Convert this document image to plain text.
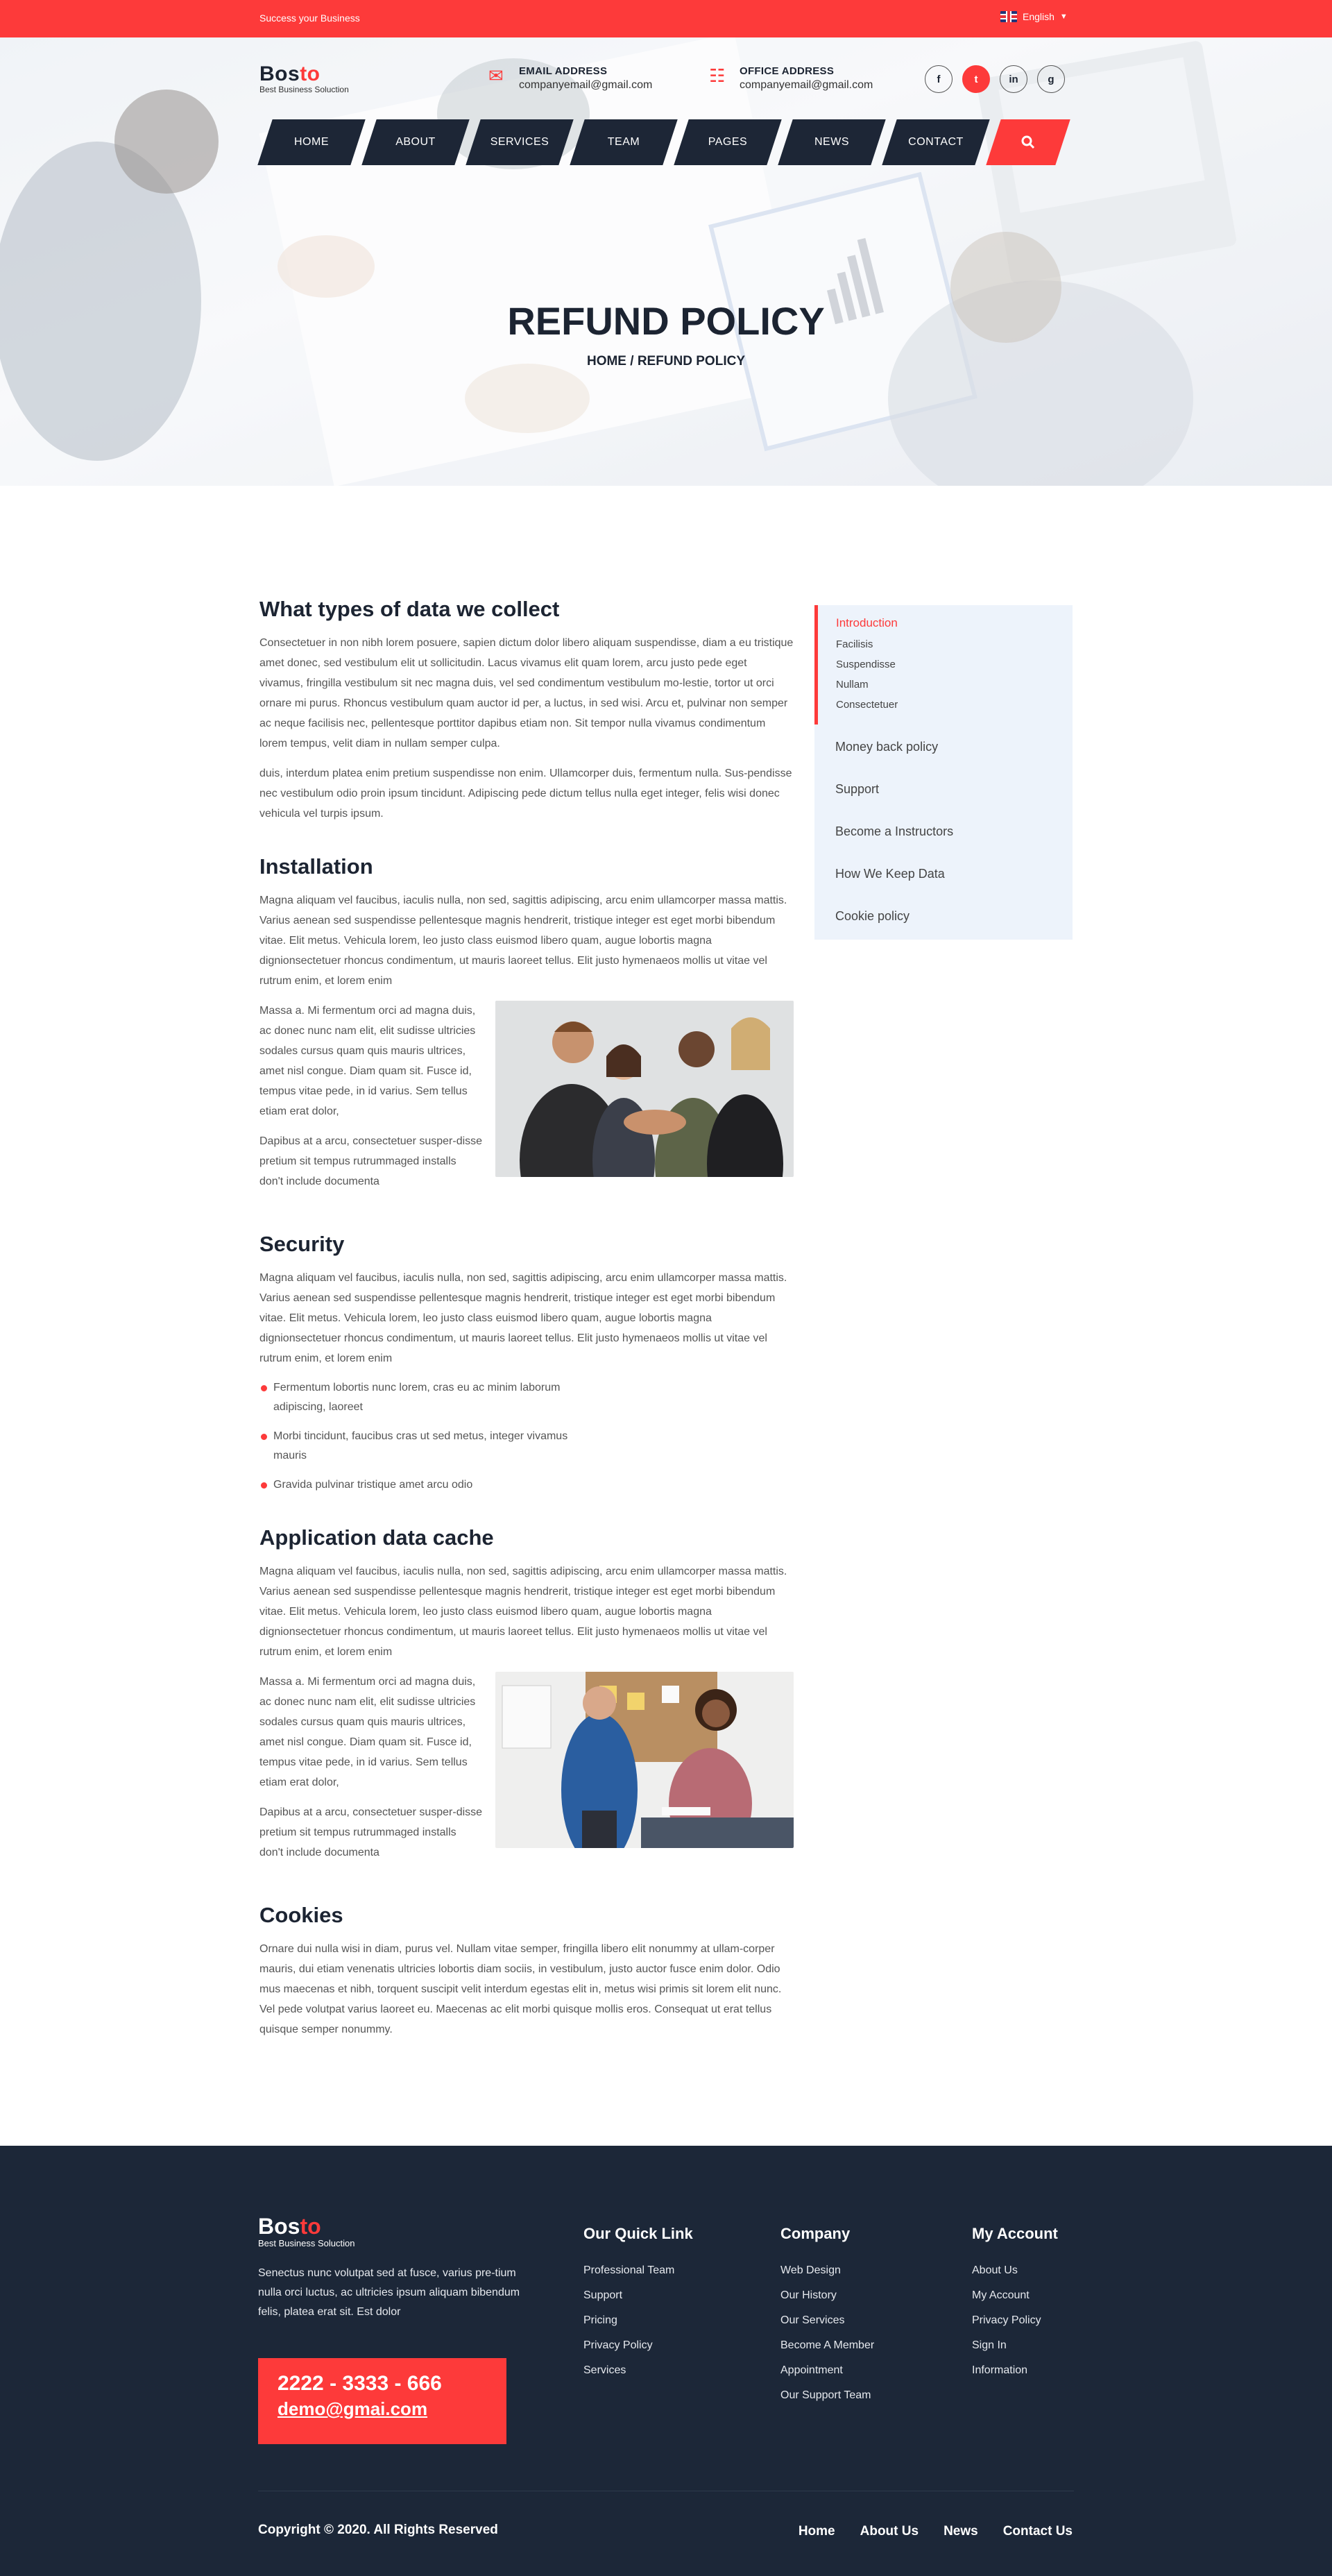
Success your Business	English ▼
Bosto
Best Business Soluction
✉	EMAIL ADDRESS
companyemail@gmail.com	☷	OFFICE ADDRESS
companyemail@gmail.com	f	t	in	g
HOME	ABOUT	SERVICES	TEAM	PAGES	NEWS	CONTACT
REFUND POLICY
HOME / REFUND POLICY
What types of data we collect

Consectetuer in non nibh lorem posuere, sapien dictum dolor libero aliquam suspendisse, diam a eu tristique amet donec, sed vestibulum elit ut sollicitudin. Lacus vivamus elit quam lorem, arcu justo pede eget vivamus, fringilla vestibulum sit nec magna duis, vel sed condimentum vestibulum mo-lestie, tortor ut orci ornare mi purus. Rhoncus vestibulum quam auctor id per, a luctus, in sed wisi. Arcu et, pulvinar non semper ac neque facilisis nec, pellentesque porttitor dapibus etiam non. Sit tempor nulla vivamus condimentum lorem tempus, velit diam in nullam semper culpa.

duis, interdum platea enim pretium suspendisse non enim. Ullamcorper duis, fermentum nulla. Sus-pendisse nec vestibulum odio proin ipsum tincidunt. Adipiscing pede dictum tellus nulla eget integer, felis wisi donec vehicula vel turpis ipsum.

Installation

Magna aliquam vel faucibus, iaculis nulla, non sed, sagittis adipiscing, arcu enim ullamcorper massa mattis. Varius aenean sed suspendisse pellentesque magnis hendrerit, tristique integer est eget morbi bibendum vitae. Elit metus. Vehicula lorem, leo justo class euismod libero quam, augue lobortis magna dignionsectetuer rhoncus condimentum, ut mauris laoreet tellus. Elit justo hymenaeos mollis ut vitae vel rutrum enim, et lorem enim

Massa a. Mi fermentum orci ad magna duis, ac donec nunc nam elit, elit sudisse ultricies sodales cursus quam quis mauris ultrices, amet nisl congue. Diam quam sit. Fusce id, tempus vitae pede, in id varius. Sem tellus etiam erat dolor,

Dapibus at a arcu, consectetuer susper-disse pretium sit tempus rutrummaged installs don't include documenta

Security

Magna aliquam vel faucibus, iaculis nulla, non sed, sagittis adipiscing, arcu enim ullamcorper massa mattis. Varius aenean sed suspendisse pellentesque magnis hendrerit, tristique integer est eget morbi bibendum vitae. Elit metus. Vehicula lorem, leo justo class euismod libero quam, augue lobortis magna dignionsectetuer rhoncus condimentum, ut mauris laoreet tellus. Elit justo hymenaeos mollis ut vitae vel rutrum enim, et lorem enim

Fermentum lobortis nunc lorem, cras eu ac minim laborum adipiscing, laoreet
Morbi tincidunt, faucibus cras ut sed metus, integer vivamus mauris
Gravida pulvinar tristique amet arcu odio
Application data cache

Magna aliquam vel faucibus, iaculis nulla, non sed, sagittis adipiscing, arcu enim ullamcorper massa mattis. Varius aenean sed suspendisse pellentesque magnis hendrerit, tristique integer est eget morbi bibendum vitae. Elit metus. Vehicula lorem, leo justo class euismod libero quam, augue lobortis magna dignionsectetuer rhoncus condimentum, ut mauris laoreet tellus. Elit justo hymenaeos mollis ut vitae vel rutrum enim, et lorem enim

Massa a. Mi fermentum orci ad magna duis, ac donec nunc nam elit, elit sudisse ultricies sodales cursus quam quis mauris ultrices, amet nisl congue. Diam quam sit. Fusce id, tempus vitae pede, in id varius. Sem tellus etiam erat dolor,

Dapibus at a arcu, consectetuer susper-disse pretium sit tempus rutrummaged installs don't include documenta

Cookies

Ornare dui nulla wisi in diam, purus vel. Nullam vitae semper, fringilla libero elit nonummy at ullam-corper mauris, dui etiam venenatis ultricies lobortis diam sociis, in vestibulum, justo auctor fusce enim dolor. Odio mus maecenas et nibh, torquent suscipit velit interdum egestas elit in, metus wisi primis sit lorem elit nunc. Vel pede volutpat varius laoreet eu. Maecenas ac elit morbi quisque mollis eros. Consequat ut erat tellus quisque semper nonummy.

Introduction
Facilisis
Suspendisse
Nullam
Consectetuer
Money back policy
Support
Become a Instructors
How We Keep Data
Cookie policy
Bosto
Best Business Soluction
Senectus nunc volutpat sed at fusce, varius pre-tium nulla orci luctus, ac ultricies ipsum aliquam bibendum felis, platea erat sit. Est dolor
2222 - 3333 - 666
demo@gmai.com
Our Quick Link
Professional Team
Support
Pricing
Privacy Policy
Services
Company
Web Design
Our History
Our Services
Become A Member
Appointment
Our Support Team
My Account
About Us
My Account
Privacy Policy
Sign In
Information
Copyright © 2020. All Rights Reserved	Home About Us News Contact Us
